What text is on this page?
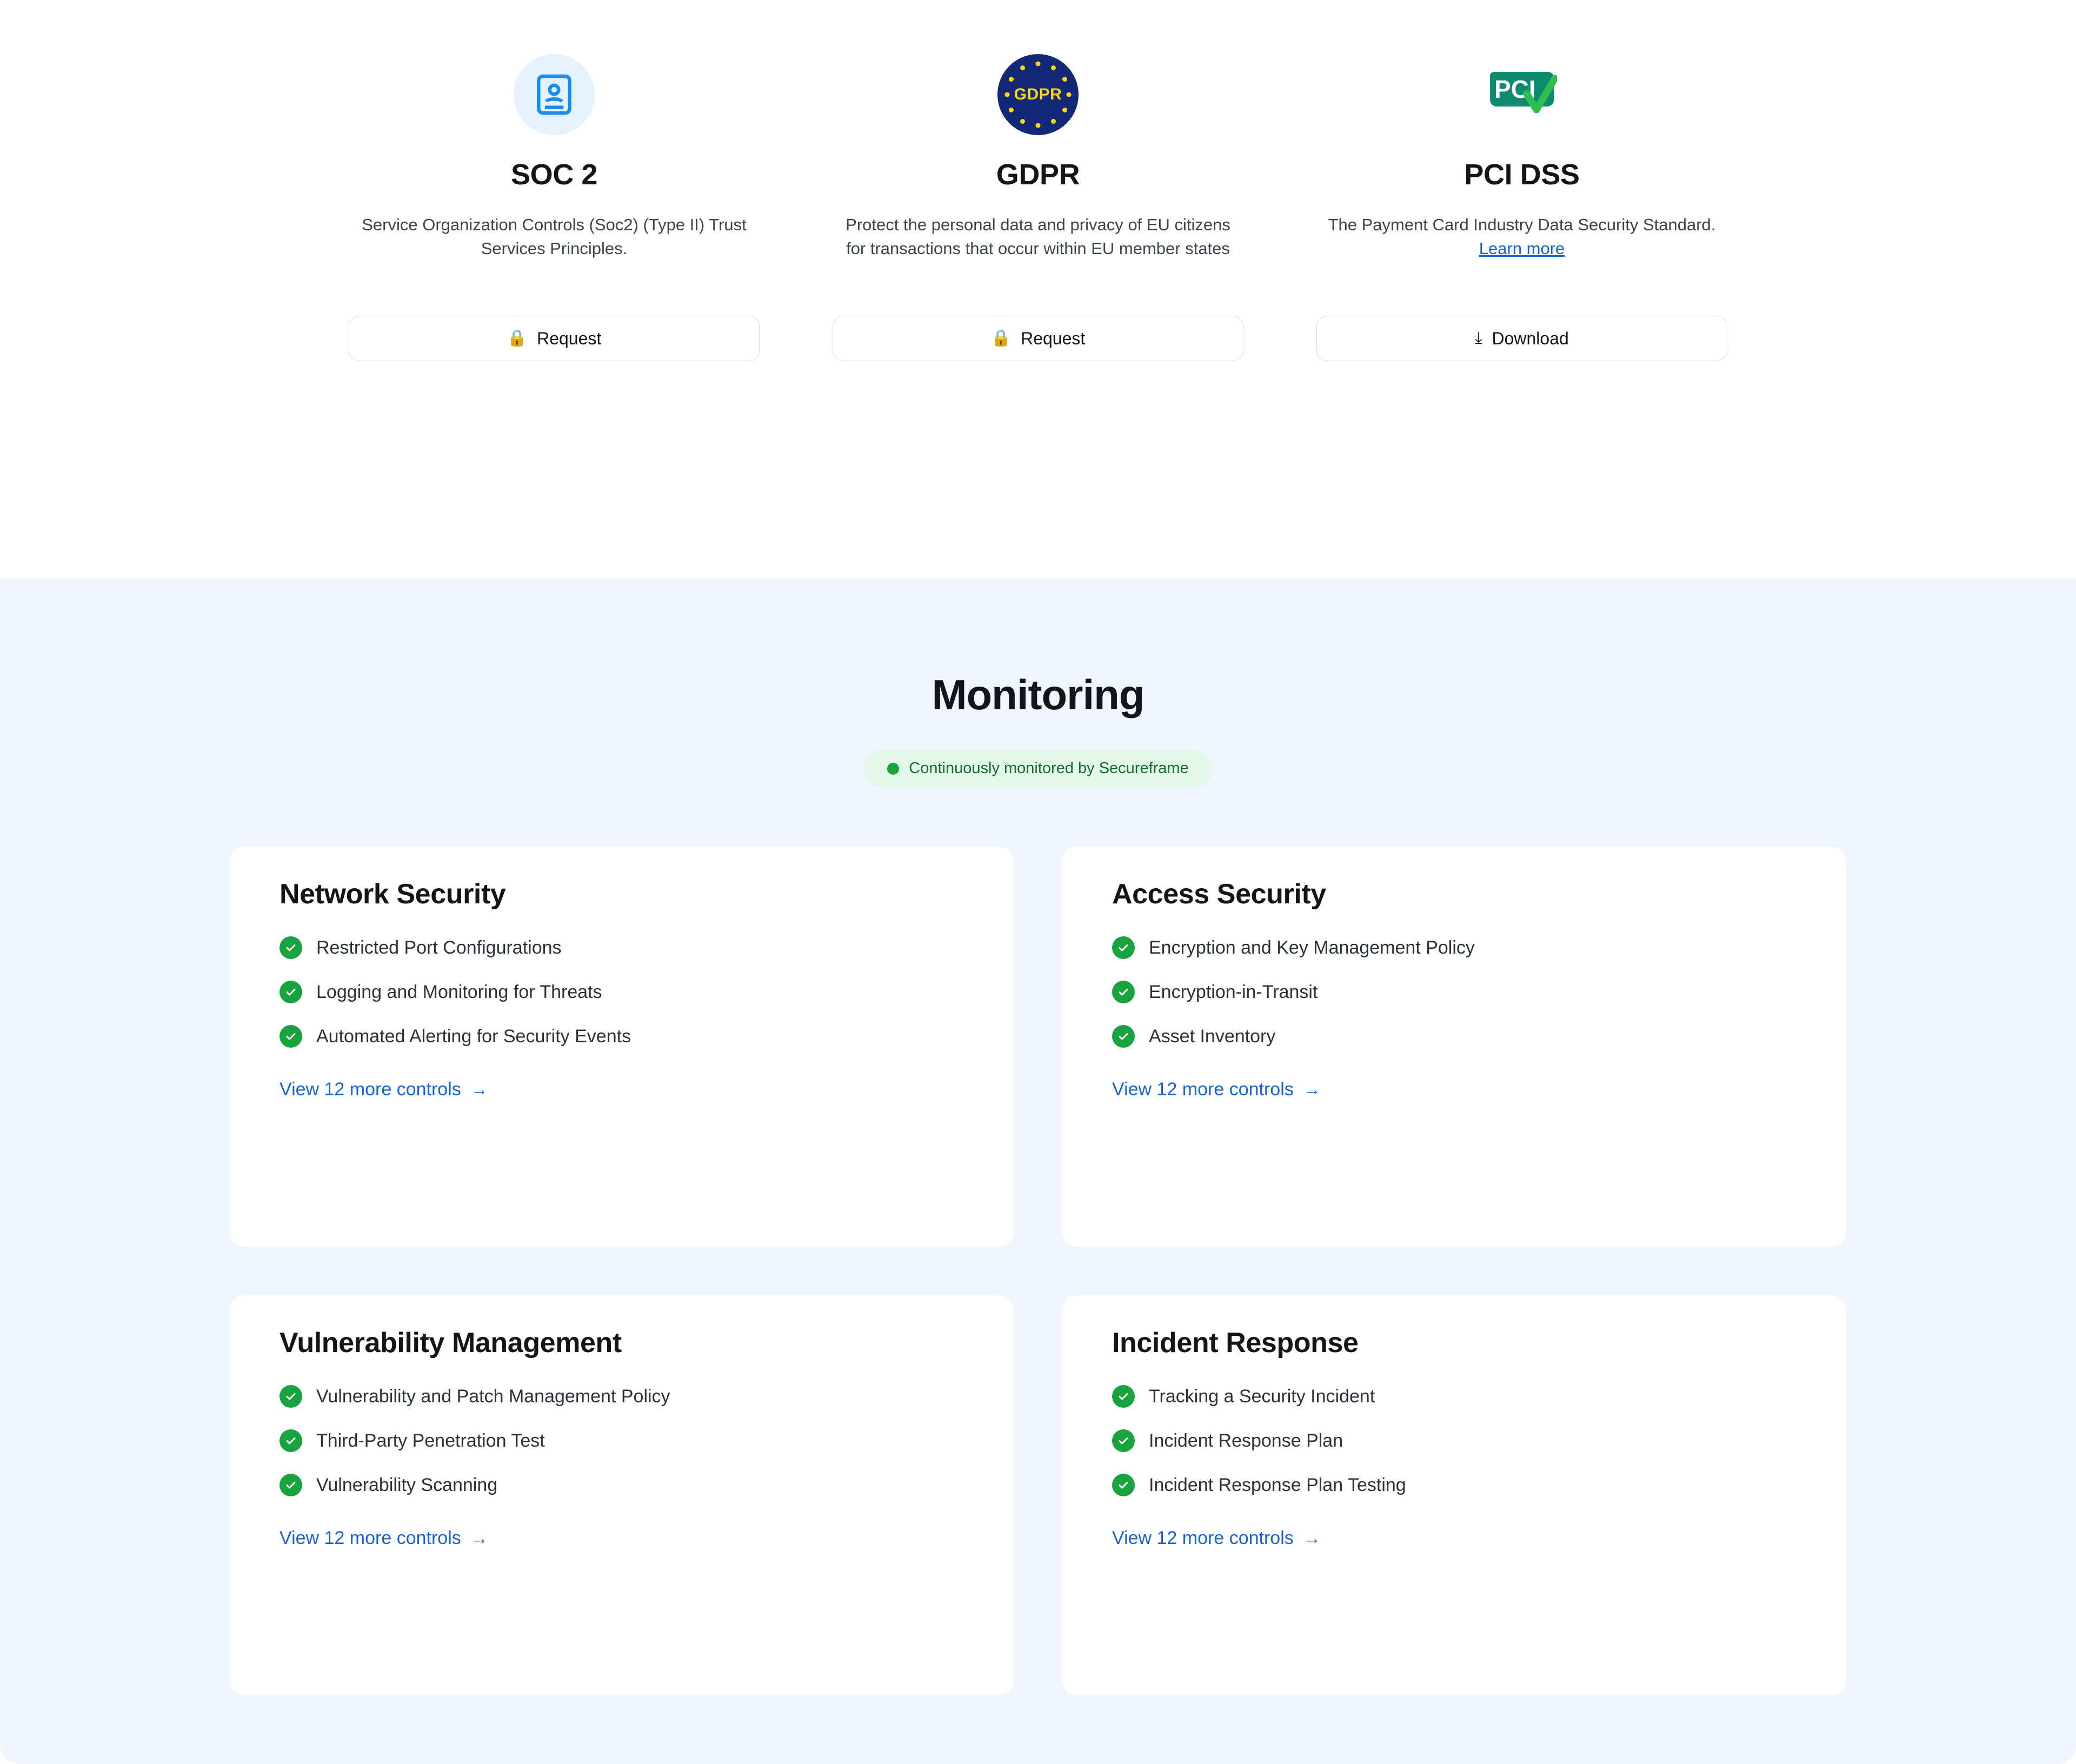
SOC 2
Service Organization Controls (Soc2) (Type II) Trust Services Principles.
🔒 Request
GDPR
GDPR
Protect the personal data and privacy of EU citizens for transactions that occur within EU member states
🔒 Request
PCI
PCI DSS
The Payment Card Industry Data Security Standard. Learn more
⤓ Download
Monitoring
Continuously monitored by Secureframe
Network Security
Restricted Port Configurations
Logging and Monitoring for Threats
Automated Alerting for Security Events
View 12 more controls →
Access Security
Encryption and Key Management Policy
Encryption-in-Transit
Asset Inventory
View 12 more controls →
Vulnerability Management
Vulnerability and Patch Management Policy
Third-Party Penetration Test
Vulnerability Scanning
View 12 more controls →
Incident Response
Tracking a Security Incident
Incident Response Plan
Incident Response Plan Testing
View 12 more controls →
